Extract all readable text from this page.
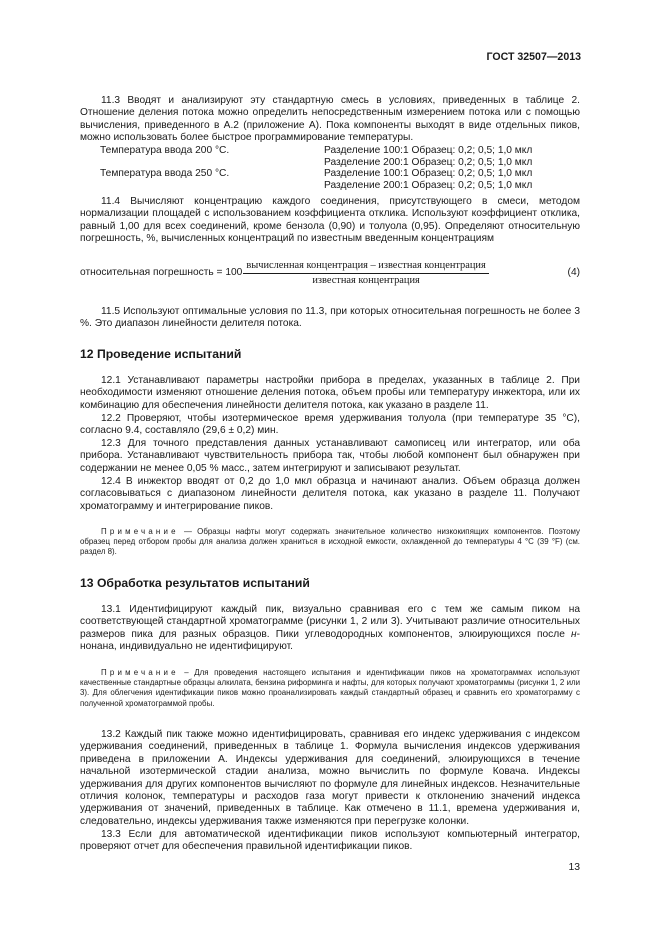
ГОСТ 32507—2013

11.3 Вводят и анализируют эту стандартную смесь в условиях, приведенных в таблице 2. Отношение деления потока можно определить непосредственным измерением потока или с помощью вычисления, приведенного в А.2 (приложение А). Пока компоненты выходят в виде отдельных пиков, можно использовать более быстрое программирование температуры.

Температура ввода 200 °C.	Разделение 100:1 Образец: 0,2; 0,5; 1,0 мкл
Разделение 200:1 Образец: 0,2; 0,5; 1,0 мкл
Температура ввода 250 °C.	Разделение 100:1 Образец: 0,2; 0,5; 1,0 мкл
Разделение 200:1 Образец: 0,2; 0,5; 1,0 мкл

11.4 Вычисляют концентрацию каждого соединения, присутствующего в смеси, методом нормализации площадей с использованием коэффициента отклика. Используют коэффициент отклика, равный 1,00 для всех соединений, кроме бензола (0,90) и толуола (0,95). Определяют относительную погрешность, %, вычисленных концентраций по известным введенным концентрациям

относительная погрешность = $100 \frac{\text{вычисленная концентрация – известная концентрация}}{\text{известная концентрация}}$	(4)

11.5 Используют оптимальные условия по 11.3, при которых относительная погрешность не более 3 %. Это диапазон линейности делителя потока.

12 Проведение испытаний

12.1 Устанавливают параметры настройки прибора в пределах, указанных в таблице 2. При необходимости изменяют отношение деления потока, объем пробы или температуру инжектора, или их комбинацию для обеспечения линейности делителя потока, как указано в разделе 11.

12.2 Проверяют, чтобы изотермическое время удерживания толуола (при температуре 35 °C), согласно 9.4, составляло (29,6 ± 0,2) мин.

12.3 Для точного представления данных устанавливают самописец или интегратор, или оба прибора. Устанавливают чувствительность прибора так, чтобы любой компонент был обнаружен при содержании не менее 0,05 % масс., затем интегрируют и записывают результат.

12.4 В инжектор вводят от 0,2 до 1,0 мкл образца и начинают анализ. Объем образца должен согласовываться с диапазоном линейности делителя потока, как указано в разделе 11. Получают хроматограмму и интегрирование пиков.

Примечание — Образцы нафты могут содержать значительное количество низкокипящих компонентов. Поэтому образец перед отбором пробы для анализа должен храниться в исходной емкости, охлажденной до температуры 4 °C (39 °F) (см. раздел 8).

13 Обработка результатов испытаний

13.1 Идентифицируют каждый пик, визуально сравнивая его с тем же самым пиком на соответствующей стандартной хроматограмме (рисунки 1, 2 или 3). Учитывают различие относительных размеров пика для разных образцов. Пики углеводородных компонентов, элюирующихся после н-нонана, индивидуально не идентифицируют.

Примечание – Для проведения настоящего испытания и идентификации пиков на хроматограммах используют качественные стандартные образцы алкилата, бензина риформинга и нафты, для которых получают хроматограммы (рисунки 1, 2 или 3). Для облегчения идентификации пиков можно проанализировать каждый стандартный образец и сравнить его хроматограмму с полученной хроматограммой пробы.

13.2 Каждый пик также можно идентифицировать, сравнивая его индекс удерживания с индексом удерживания соединений, приведенных в таблице 1. Формула вычисления индексов удерживания приведена в приложении А. Индексы удерживания для соединений, элюирующихся в течение начальной изотермической стадии анализа, можно вычислить по формуле Ковача. Индексы удерживания для других компонентов вычисляют по формуле для линейных индексов. Незначительные отличия колонок, температуры и расходов газа могут привести к отклонению значений индекса удерживания от значений, приведенных в таблице. Как отмечено в 11.1, времена удерживания и, следовательно, индексы удерживания также изменяются при перегрузке колонки.

13.3 Если для автоматической идентификации пиков используют компьютерный интегратор, проверяют отчет для обеспечения правильной идентификации пиков.

13
